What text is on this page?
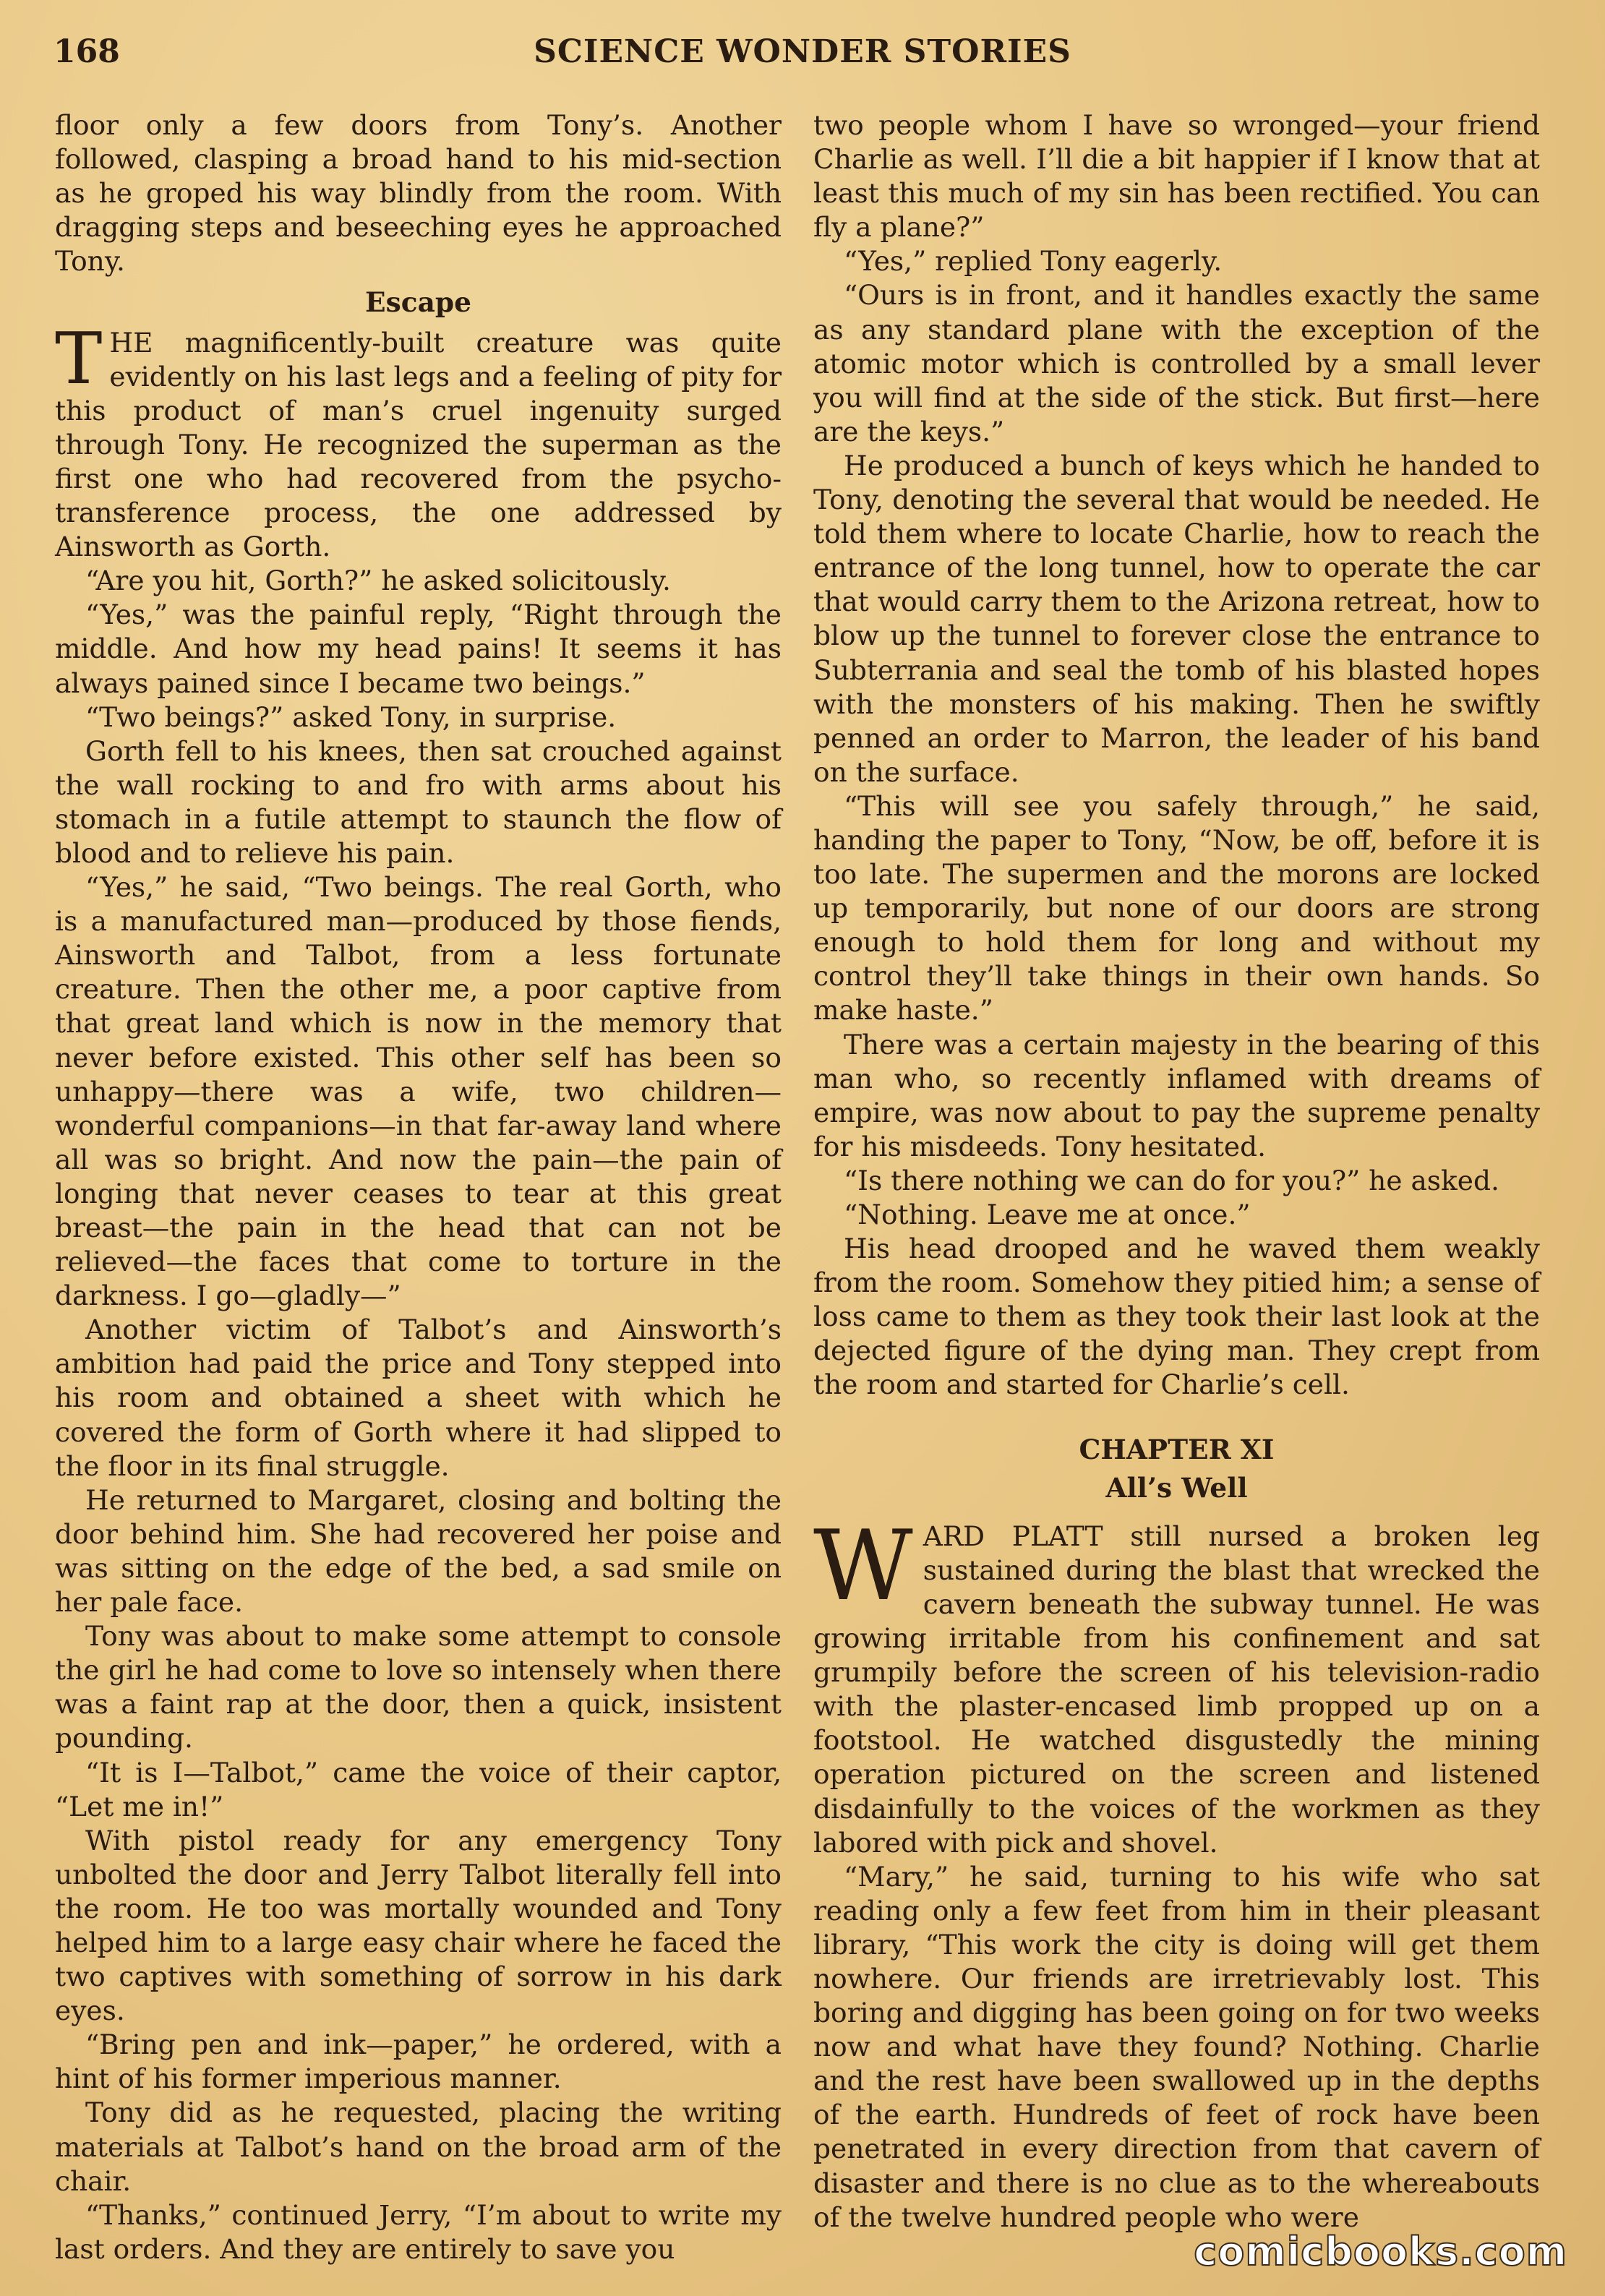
168	SCIENCE WONDER STORIES

floor only a few doors from Tony’s. Another followed, clasping a broad hand to his mid-section as he groped his way blindly from the room. With dragging steps and beseeching eyes he approached Tony.

Escape

THE magnificently-built creature was quite evidently on his last legs and a feeling of pity for this product of man’s cruel ingenuity surged through Tony. He recognized the superman as the first one who had recovered from the psycho-transference process, the one addressed by Ainsworth as Gorth.

“Are you hit, Gorth?” he asked solicitously.

“Yes,” was the painful reply, “Right through the middle. And how my head pains! It seems it has always pained since I became two beings.”

“Two beings?” asked Tony, in surprise.

Gorth fell to his knees, then sat crouched against the wall rocking to and fro with arms about his stomach in a futile attempt to staunch the flow of blood and to relieve his pain.

“Yes,” he said, “Two beings. The real Gorth, who is a manufactured man—produced by those fiends, Ainsworth and Talbot, from a less fortunate creature. Then the other me, a poor captive from that great land which is now in the memory that never before existed. This other self has been so unhappy—there was a wife, two children—wonderful companions—in that far-away land where all was so bright. And now the pain—the pain of longing that never ceases to tear at this great breast—the pain in the head that can not be relieved—the faces that come to torture in the darkness. I go—gladly—”

Another victim of Talbot’s and Ainsworth’s ambition had paid the price and Tony stepped into his room and obtained a sheet with which he covered the form of Gorth where it had slipped to the floor in its final struggle.

He returned to Margaret, closing and bolting the door behind him. She had recovered her poise and was sitting on the edge of the bed, a sad smile on her pale face.

Tony was about to make some attempt to console the girl he had come to love so intensely when there was a faint rap at the door, then a quick, insistent pounding.

“It is I—Talbot,” came the voice of their captor, “Let me in!”

With pistol ready for any emergency Tony unbolted the door and Jerry Talbot literally fell into the room. He too was mortally wounded and Tony helped him to a large easy chair where he faced the two captives with something of sorrow in his dark eyes.

“Bring pen and ink—paper,” he ordered, with a hint of his former imperious manner.

Tony did as he requested, placing the writing materials at Talbot’s hand on the broad arm of the chair.

“Thanks,” continued Jerry, “I’m about to write my last orders. And they are entirely to save you

two people whom I have so wronged—your friend Charlie as well. I’ll die a bit happier if I know that at least this much of my sin has been rectified. You can fly a plane?”

“Yes,” replied Tony eagerly.

“Ours is in front, and it handles exactly the same as any standard plane with the exception of the atomic motor which is controlled by a small lever you will find at the side of the stick. But first—here are the keys.”

He produced a bunch of keys which he handed to Tony, denoting the several that would be needed. He told them where to locate Charlie, how to reach the entrance of the long tunnel, how to operate the car that would carry them to the Arizona retreat, how to blow up the tunnel to forever close the entrance to Subterrania and seal the tomb of his blasted hopes with the monsters of his making. Then he swiftly penned an order to Marron, the leader of his band on the surface.

“This will see you safely through,” he said, handing the paper to Tony, “Now, be off, before it is too late. The supermen and the morons are locked up temporarily, but none of our doors are strong enough to hold them for long and without my control they’ll take things in their own hands. So make haste.”

There was a certain majesty in the bearing of this man who, so recently inflamed with dreams of empire, was now about to pay the supreme penalty for his misdeeds. Tony hesitated.

“Is there nothing we can do for you?” he asked.

“Nothing. Leave me at once.”

His head drooped and he waved them weakly from the room. Somehow they pitied him; a sense of loss came to them as they took their last look at the dejected figure of the dying man. They crept from the room and started for Charlie’s cell.

CHAPTER XI
All’s Well

WARD PLATT still nursed a broken leg sustained during the blast that wrecked the cavern beneath the subway tunnel. He was growing irritable from his confinement and sat grumpily before the screen of his television-radio with the plaster-encased limb propped up on a footstool. He watched disgustedly the mining operation pictured on the screen and listened disdainfully to the voices of the workmen as they labored with pick and shovel.

“Mary,” he said, turning to his wife who sat reading only a few feet from him in their pleasant library, “This work the city is doing will get them nowhere. Our friends are irretrievably lost. This boring and digging has been going on for two weeks now and what have they found? Nothing. Charlie and the rest have been swallowed up in the depths of the earth. Hundreds of feet of rock have been penetrated in every direction from that cavern of disaster and there is no clue as to the whereabouts of the twelve hundred people who were

comicbooks.com
